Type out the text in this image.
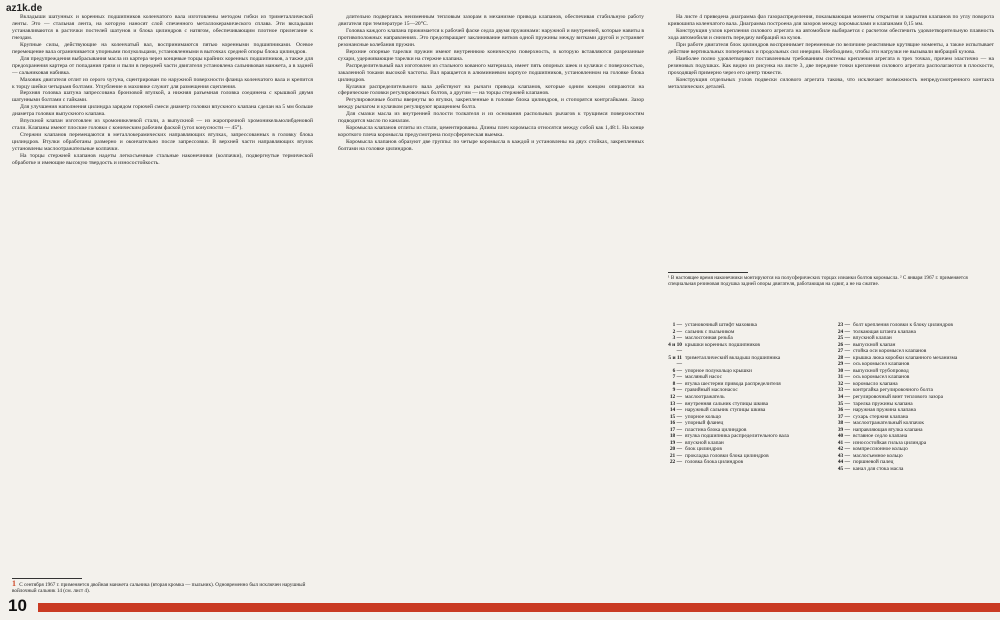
az1k.de

Вкладыши шатунных и коренных подшипников коленчатого вала изготовлены методом гибки из триметаллической ленты. Это — стальная лента, на которую наносят слой спеченного металлокерамического сплава. Эти вкладыши устанавливаются в расточки постелей шатунов и блока цилиндров с натягом, обеспечивающим плотное прилегание к гнездам.

Крупные силы, действующие на коленчатый вал, воспринимаются пятью коренными подшипниками. Осевое перемещение вала ограничивается упорными полукольцами, установленными в выточках средней опоры блока цилиндров.

Для предупреждения выбрасывания масла из картера через концевые торцы крайних коренных подшипников, а также для предохранения картера от попадания грязи и пыли в передней части двигателя установлена сальниковая манжета, а в задней — сальниковая набивка.

Маховик двигателя отлит из серого чугуна, сцентрирован по наружной поверхности фланца коленчатого вала и крепится к торцу шейки четырьмя болтами. Углубление в маховике служит для размещения сцепления.

Верхняя головка шатуна запрессована бронзовой втулкой, а нижняя разъемная головка соединена с крышкой двумя шатунными болтами с гайками.

Для улучшения наполнения цилиндра зарядом горючей смеси диаметр головки впускного клапана сделан на 5 мм больше диаметра головки выпускного клапана.

Впускной клапан изготовлен из хромоникелевой стали, а выпускной — из жаропрочной хромоникельмолибденовой стали. Клапаны имеют плоские головки с коническим рабочим фаской (угол конусности — 45°).

Стержни клапанов перемещаются в металлокерамических направляющих втулках, запрессованных в головку блока цилиндров. Втулки обработаны размерно и окончательно после запрессовки. В верхней части направляющих втулок установлены маслоотражательные колпачки.

На торцы стержней клапанов надеты легкосъемные стальные наконечники (колпачки), подвергнутые термической обработке и имеющие высокую твердость и износостойкость.

длительно подвергаясь неизменным тепловым зазорам в механизме привода клапанов, обеспечивая стабильную работу двигателя при температуре 15—20°С.

Головка каждого клапана прижимается к рабочей фаске седла двумя пружинами: наружной и внутренней, которые навиты в противоположных направлениях. Это предотвращает заклинивание витков одной пружины между витками другой и устраняет резонансные колебания пружин.

Верхние опорные тарелки пружин имеют внутреннюю коническую поверхность, в которую вставляются разрезанные сухари, удерживающие тарелки на стержне клапана.

Распределительный вал изготовлен из стального кованого материала, имеет пять опорных шеек и кулачки с поверхностью, закаленной токами высокой частоты. Вал вращается в алюминиевом корпусе подшипников, установленном на головке блока цилиндров.

Кулачки распределительного вала действуют на рычаги привода клапанов, которые одним концом опираются на сферические головки регулировочных болтов, а другим — на торцы стержней клапанов.

Регулировочные болты ввернуты во втулки, закрепленные в головке блока цилиндров, и стопорятся контргайками. Зазор между рычагом и кулачком регулируют вращением болта.

Для смазки масла из внутренней полости толкателя и из основания распольных рычагов к трущимся поверхностям подводится масло по каналам.

Коромысла клапанов отлиты из стали, цементированы. Длины плеч коромысла относятся между собой как 1,48:1. На конце короткого плеча коромысла предусмотрена полусферическая выемка.

Коромысла клапанов образуют две группы: по четыре коромысла в каждой и установлены на двух стойках, закрепленных болтами на головке цилиндров.

На листе 4 приведена диаграмма фаз газораспределения, показывающая моменты открытия и закрытия клапанов по углу поворота кривошипа коленчатого вала. Диаграмма построена для зазоров между коромыслами и клапанами 0,15 мм.

Конструкция узлов крепления силового агрегата на автомобиле выбирается с расчетом обеспечить удовлетворительную плавность хода автомобиля и снизить передачу вибраций на кузов.

При работе двигателя блок цилиндров воспринимает переменные по величине реактивные крутящие моменты, а также испытывает действие вертикальных поперечных и продольных сил инерции. Необходимо, чтобы эти нагрузки не вызывали вибраций кузова.

Наиболее полно удовлетворяют поставленным требованиям системы крепления агрегата в трех точках, причем эластично — на резиновых подушках. Как видно из рисунка на листе 3, две передние точки крепления силового агрегата располагаются в плоскости, проходящей примерно через его центр тяжести.

Конструкция отдельных узлов подвески силового агрегата такова, что исключает возможность непредусмотренного контакта металлических деталей.

1 С сентября 1967 г. применяется двойная манжета сальника (вторая кромка — пыльник). Одновременно был исключен нарушный войлочный сальник 14 (см. лист 4).
¹ В настоящее время наконечники монтируются на полусферических торцах изнанки болтов коромысла. ² С января 1967 г. применяется специальная резиновая подушка задней опоры двигателя, работающая на сдвиг, а не на сжатие.
1 — установочный штифт маховика
2 — сальник с пыльником
3 — маслосгонная резьба
4 и 10 —
крышки коренных подшипников
5 и 11 —
триметаллический вкладыш подшипника
6 — упорное полукольцо крышки
7 — масляный насос
8 — втулка шестерни привода распределителя
9 — гравийный маслонасос
12 — маслоотражатель
13 — внутренняя сальник ступицы шкива
14 — наружный сальник ступицы шкива
15 — упорное кольцо
16 — упорный фланец
17 — пластина блока цилиндров
18 — втулка подшипника распределительного вала
19 — впускной клапан
20 — блок цилиндров
21 — прокладка головки блока цилиндров
22 — головка блока цилиндров
23 — болт крепления головки к блоку цилиндров
24 — толкающая штанга клапана
25 — впускной клапан
26 — выпускной клапан
27 — стойка оси коромысел клапанов
28 — крышка люка коробки клапанного механизма
29 — ось коромысел клапанов
30 — выпускной трубопровод
31 — ось коромысел клапанов
32 — коромысло клапана
33 — контргайка регулировочного болта
34 — регулировочный винт теплового зазора
35 — тарелка пружины клапана
36 — наружная пружина клапана
37 — сухарь стержня клапана
38 — маслоотражательный колпачок
39 — направляющая втулка клапана
40 — вставное седло клапана
41 — износостойкая гильза цилиндра
42 — компрессионное кольцо
43 — маслосъемное кольцо
44 — поршневой палец
45 — канал для стока масла
10
